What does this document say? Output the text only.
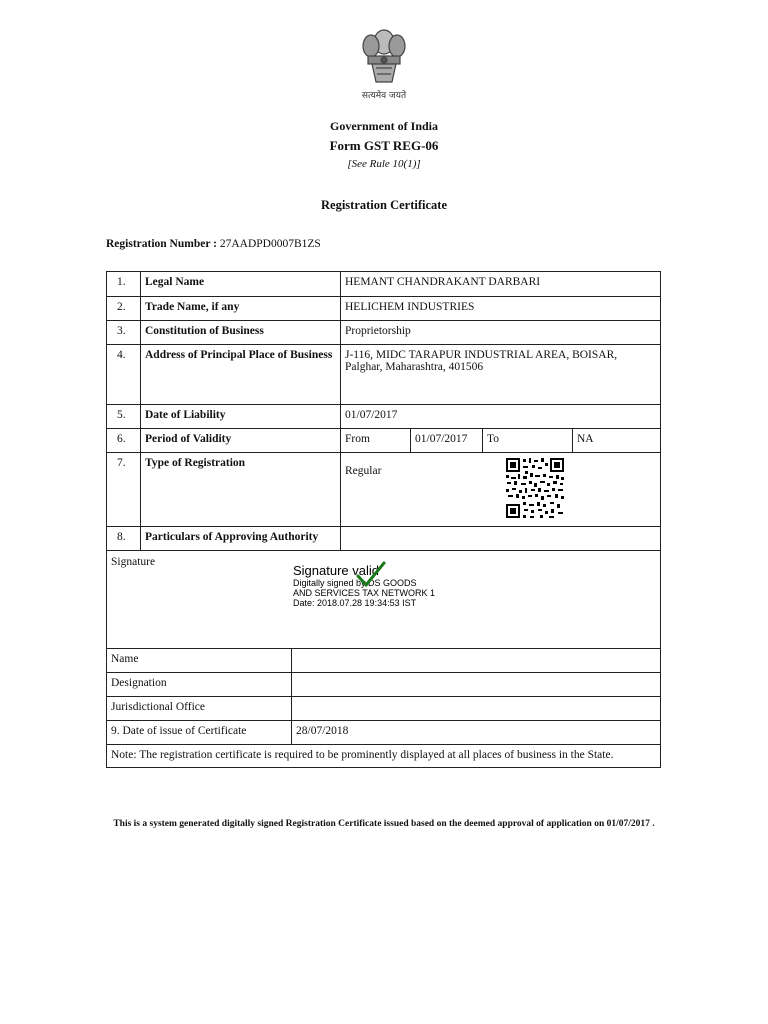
सत्यमेव जयते
Government of India
Form GST REG-06
[See Rule 10(1)]
Registration Certificate
Registration Number : 27AADPD0007B1ZS
1.	Legal Name	HEMANT CHANDRAKANT DARBARI
2.	Trade Name, if any	HELICHEM INDUSTRIES
3.	Constitution of Business	Proprietorship
4.	Address of Principal Place of Business	J-116, MIDC TARAPUR INDUSTRIAL AREA, BOISAR,
Palghar, Maharashtra, 401506
5.	Date of Liability	01/07/2017
6.	Period of Validity	From	01/07/2017	To	NA
7.	Type of Registration
Regular
8.	Particulars of Approving Authority
Signature
Signature valid
Digitally signed by DS GOODS
AND SERVICES TAX NETWORK 1
Date: 2018.07.28 19:34:53 IST
Name
Designation
Jurisdictional Office
9. Date of issue of Certificate	28/07/2018
Note: The registration certificate is required to be prominently displayed at all places of business in the State.
This is a system generated digitally signed Registration Certificate issued based on the deemed approval of application on 01/07/2017 .
